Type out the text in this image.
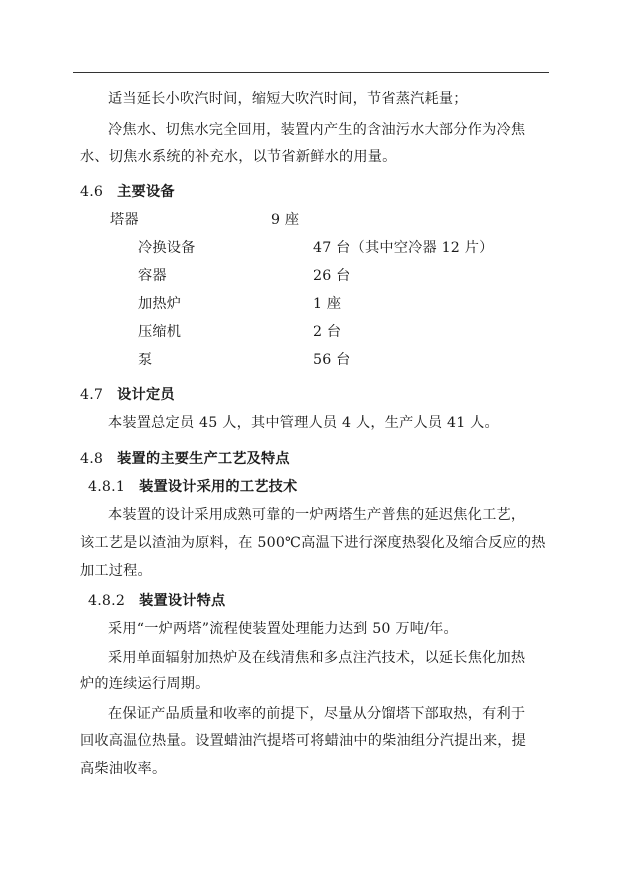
适当延长小吹汽时间，缩短大吹汽时间，节省蒸汽耗量；
冷焦水、切焦水完全回用，装置内产生的含油污水大部分作为冷焦
水、切焦水系统的补充水，以节省新鲜水的用量。
4.6 主要设备
塔器	9 座
冷换设备	47 台（其中空冷器 12 片）
容器	26 台
加热炉	1 座
压缩机	2 台
泵	56 台
4.7 设计定员
本装置总定员 45 人，其中管理人员 4 人，生产人员 41 人。
4.8 装置的主要生产工艺及特点
4.8.1 装置设计采用的工艺技术
本装置的设计采用成熟可靠的一炉两塔生产普焦的延迟焦化工艺，
该工艺是以渣油为原料，在 500℃高温下进行深度热裂化及缩合反应的热
加工过程。
4.8.2 装置设计特点
采用“一炉两塔”流程使装置处理能力达到 50 万吨/年。
采用单面辐射加热炉及在线清焦和多点注汽技术，以延长焦化加热
炉的连续运行周期。
在保证产品质量和收率的前提下，尽量从分馏塔下部取热，有利于
回收高温位热量。设置蜡油汽提塔可将蜡油中的柴油组分汽提出来，提
高柴油收率。
